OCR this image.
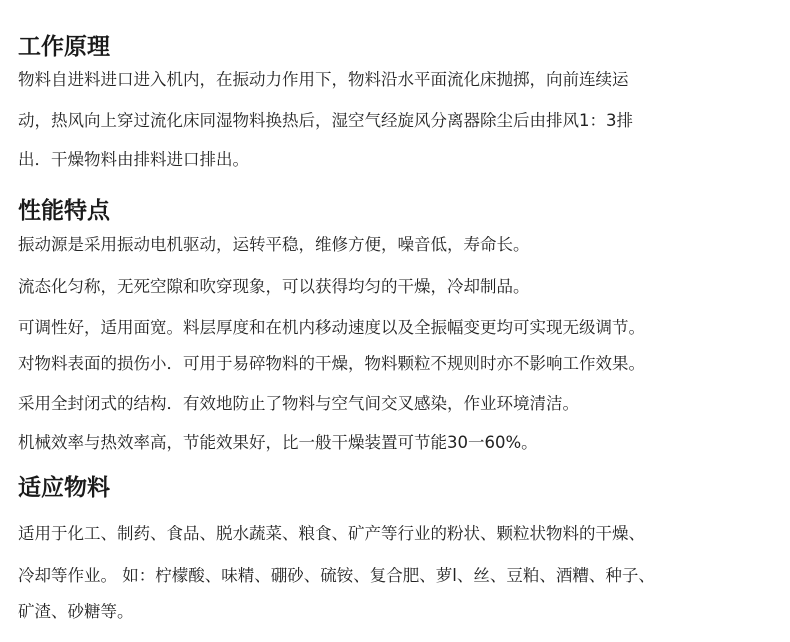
工作原理
物料自进料进口进入机内，在振动力作用下，物料沿水平面流化床抛掷，向前连续运
动，热风向上穿过流化床同湿物料换热后，湿空气经旋风分离器除尘后由排风1：3排
出．干燥物料由排料进口排出。
性能特点
振动源是采用振动电机驱动，运转平稳，维修方便，噪音低，寿命长。
流态化匀称，无死空隙和吹穿现象，可以获得均匀的干燥，冷却制品。
可调性好，适用面宽。料层厚度和在机内移动速度以及全振幅变更均可实现无级调节。
对物料表面的损伤小．可用于易碎物料的干燥，物料颗粒不规则时亦不影响工作效果。
采用全封闭式的结构．有效地防止了物料与空气间交叉感染，作业环境清洁。
机械效率与热效率高，节能效果好，比一般干燥装置可节能30一60%。
适应物料
适用于化工、制药、食品、脱水蔬菜、粮食、矿产等行业的粉状、颗粒状物料的干燥、
冷却等作业。 如：柠檬酸、味精、硼砂、硫铵、复合肥、萝l、丝、豆粕、酒糟、种子、
矿渣、砂糖等。
